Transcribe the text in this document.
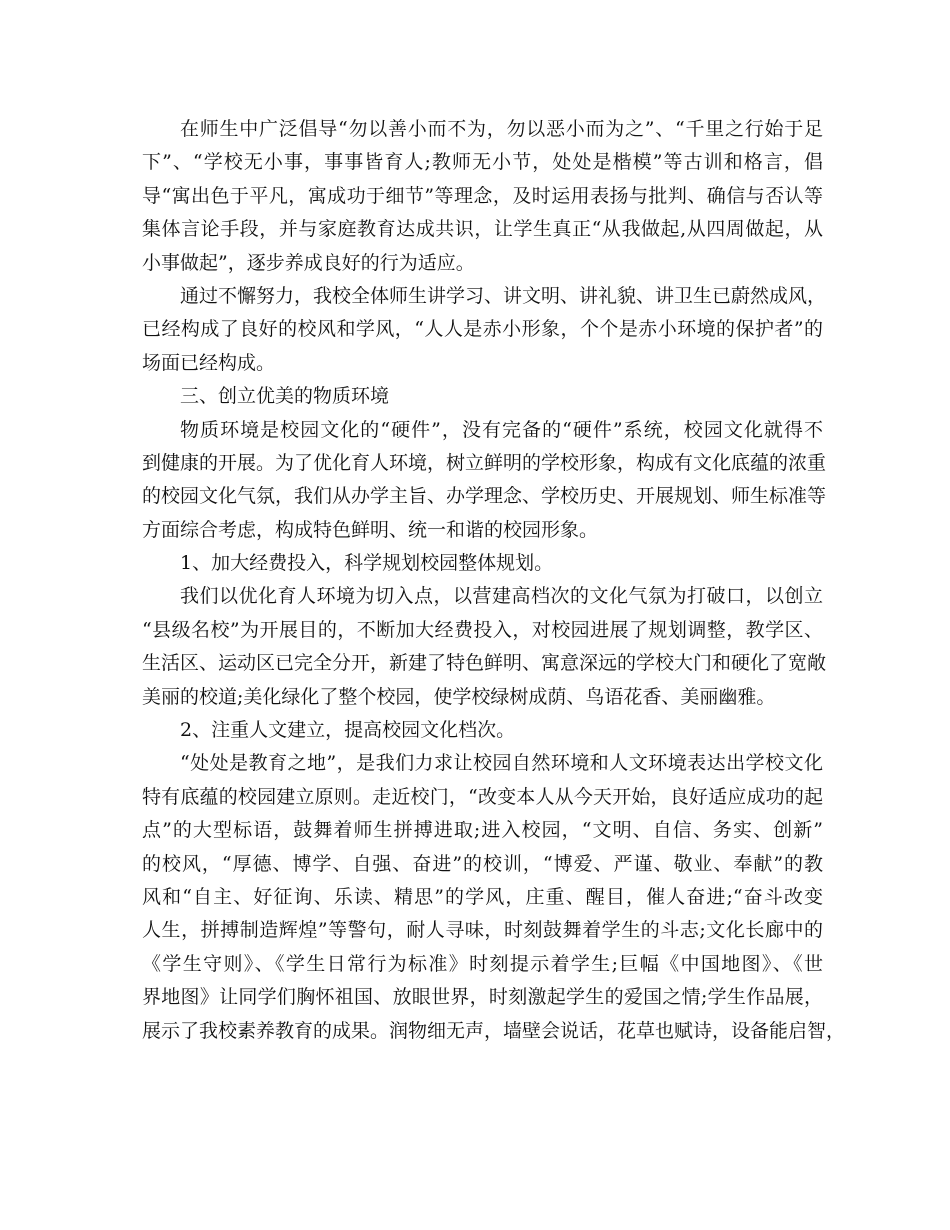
在师生中广泛倡导“勿以善小而不为，勿以恶小而为之”、“千里之行始于足
下”、“学校无小事，事事皆育人;教师无小节，处处是楷模”等古训和格言，倡
导“寓出色于平凡，寓成功于细节”等理念，及时运用表扬与批判、确信与否认等
集体言论手段，并与家庭教育达成共识，让学生真正“从我做起,从四周做起，从
小事做起”，逐步养成良好的行为适应。
通过不懈努力，我校全体师生讲学习、讲文明、讲礼貌、讲卫生已蔚然成风，
已经构成了良好的校风和学风，“人人是赤小形象，个个是赤小环境的保护者”的
场面已经构成。
三、创立优美的物质环境
物质环境是校园文化的“硬件”，没有完备的“硬件”系统，校园文化就得不
到健康的开展。为了优化育人环境，树立鲜明的学校形象，构成有文化底蕴的浓重
的校园文化气氛，我们从办学主旨、办学理念、学校历史、开展规划、师生标准等
方面综合考虑，构成特色鲜明、统一和谐的校园形象。
1、加大经费投入，科学规划校园整体规划。
我们以优化育人环境为切入点，以营建高档次的文化气氛为打破口，以创立
“县级名校”为开展目的，不断加大经费投入，对校园进展了规划调整，教学区、
生活区、运动区已完全分开，新建了特色鲜明、寓意深远的学校大门和硬化了宽敞
美丽的校道;美化绿化了整个校园，使学校绿树成荫、鸟语花香、美丽幽雅。
2、注重人文建立，提高校园文化档次。
“处处是教育之地”，是我们力求让校园自然环境和人文环境表达出学校文化
特有底蕴的校园建立原则。走近校门，“改变本人从今天开始，良好适应成功的起
点”的大型标语，鼓舞着师生拼搏进取;进入校园，“文明、自信、务实、创新”
的校风，“厚德、博学、自强、奋进”的校训，“博爱、严谨、敬业、奉献”的教
风和“自主、好征询、乐读、精思”的学风，庄重、醒目，催人奋进;“奋斗改变
人生，拼搏制造辉煌”等警句，耐人寻味，时刻鼓舞着学生的斗志;文化长廊中的
《学生守则》、《学生日常行为标准》时刻提示着学生;巨幅《中国地图》、《世
界地图》让同学们胸怀祖国、放眼世界，时刻激起学生的爱国之情;学生作品展，
展示了我校素养教育的成果。润物细无声，墙壁会说话，花草也赋诗，设备能启智，
